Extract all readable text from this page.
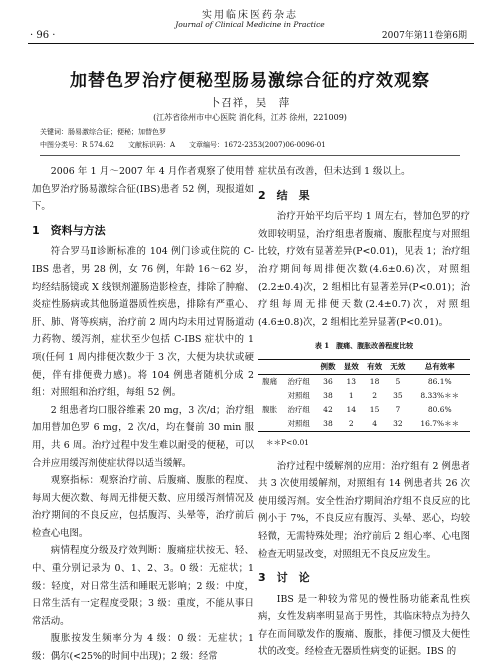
实用临床医药杂志
Journal of Clinical Medicine in Practice
· 96 ·	2007年第11卷第6期
加替色罗治疗便秘型肠易激综合征的疗效观察
卜召祥，吴　萍
(江苏省徐州市中心医院 消化科，江苏 徐州，221009)
关键词：肠易激综合征；便秘；加替色罗
中图分类号：R 574.62　　文献标识码：A　　文章编号：1672-2353(2007)06-0096-01

2006 年 1 月～2007 年 4 月作者观察了使用替加色罗治疗肠易激综合征(IBS)患者 52 例，现报道如下。

1　资料与方法

符合罗马Ⅱ诊断标准的 104 例门诊或住院的 C-IBS 患者，男 28 例，女 76 例，年龄 16～62 岁，均经结肠镜或 X 线钡剂灌肠造影检查，排除了肿瘤、炎症性肠病或其他肠道器质性疾患，排除有严重心、肝、肺、肾等疾病，治疗前 2 周内均未用过胃肠道动力药物、缓泻剂，症状至少包括 C-IBS 症状中的 1 项(任何 1 周内排便次数少于 3 次，大便为块状或硬便，伴有排便费力感)。将 104 例患者随机分成 2 组：对照组和治疗组，每组 52 例。

2 组患者均口服谷维素 20 mg，3 次/d；治疗组加用替加色罗 6 mg，2 次/d，均在餐前 30 min 服用，共 6 周。治疗过程中发生难以耐受的便秘，可以合并应用缓泻剂使症状得以适当缓解。

观察指标：观察治疗前、后腹痛、腹胀的程度、每周大便次数、每周无排便天数、应用缓泻剂情况及治疗期间的不良反应，包括腹泻、头晕等，治疗前后检查心电图。

病情程度分级及疗效判断：腹痛症状按无、轻、中、重分别记录为 0、1、2、3。0 级：无症状；1 级：轻度，对日常生活和睡眠无影响；2 级：中度，日常生活有一定程度受限；3 级：重度，不能从事日常活动。

腹胀按发生频率分为 4 级：0 级：无症状；1 级：偶尔(<25%的时间中出现)；2 级：经常

症状虽有改善，但未达到 1 级以上。

2　结　果

治疗开始平均后平均 1 周左右，替加色罗的疗效即较明显，治疗组患者腹痛、腹胀程度与对照组比较，疗效有显著差异(P<0.01)，见表 1；治疗组治疗期间每周排便次数(4.6±0.6)次，对照组(2.2±0.4)次，2 组相比有显著差异(P<0.01)；治疗组每周无排便天数(2.4±0.7)次，对照组(4.6±0.8)次，2 组相比差异显著(P<0.01)。

表 1　腹痛、腹胀改善程度比较
		例数	显效	有效	无效	总有效率
腹痛	治疗组	36	13	18	5	86.1%
	对照组	38	1	2	35	8.33%＊＊
腹胀	治疗组	42	14	15	7	80.6%
	对照组	38	2	4	32	16.7%＊＊
＊＊P<0.01

治疗过程中缓解剂的应用：治疗组有 2 例患者共 3 次使用缓解剂，对照组有 14 例患者共 26 次使用缓泻剂。安全性治疗期间治疗组不良反应的比例小于 7%，不良反应有腹泻、头晕、恶心，均较轻微，无需特殊处理；治疗前后 2 组心率、心电图检查无明显改变，对照组无不良反应发生。

3　讨　论

IBS 是一种较为常见的慢性肠功能紊乱性疾病，女性发病率明显高于男性，其临床特点为持久存在而间歇发作的腹痛、腹胀，排便习惯及大便性状的改变。经检查无器质性病变的证据。IBS 的
